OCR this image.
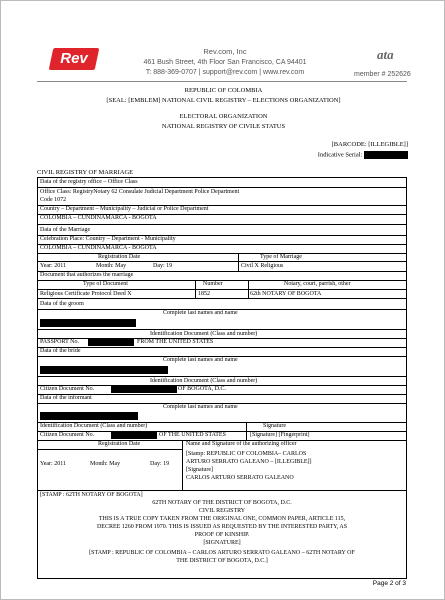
Rev	Rev.com, Inc
461 Bush Street, 4th Floor San Francisco, CA 94401
T: 888-369-0707 | support@rev.com | www.rev.com
ata
member # 252626
REPUBLIC OF COLOMBIA
[SEAL: [EMBLEM] NATIONAL CIVIL REGISTRY – ELECTIONS ORGANIZATION]
ELECTORAL ORGANIZATION
NATIONAL REGISTRY OF CIVILE STATUS
[BARCODE: [ILLEGIBLE]]
Indicative Serial:
CIVIL REGISTRY OF MARRIAGE
Data of the registry office – Office Class
Office Class: RegistryNotary 62 Consulate Judicial Department Police Department
Code 1072
Country – Department – Municipality – Judicial or Police Department
COLOMBIA – CUNDINAMARCA - BOGOTA
Data of the Marriage
Celebration Place: Country – Department - Municipality
COLOMBIA – CUNDINAMARCA - BOGOTA
Registration Date	Type of Marriage
Year: 2011	Month: May	Day: 19	Civil X Religious
Document that authorizes the marriage
Type of Document	Number	Notary, court, parrish, other
Religious Certificate Protocol Deed X	1852	62th NOTARY OF BOGOTA
Data of the groom
Complete last names and name
Identification Document (Class and number)
PASSPORT No.	FROM THE UNITED STATES
Data of the bride
Complete last names and name
Identification Document (Class and number)
Citizen Document No.	OF BOGOTA, D.C.
Data of the informant
Complete last names and name
Identification Document (Class and number)	Signature
Citizen Document No.	OF THE UNITED STATES	[Signature] [Fingerprint]
Registration Date	Name and Signature of the authorizing officer
Year: 2011	Month: May	Day: 19
[Stamp: REPUBLIC OF COLOMBIA– CARLOS
ARTURO SERRATO GALEANO – [ILLEGIBLE]]
[Signature]
CARLOS ARTURO SERRATO GALEANO
[STAMP : 62TH NOTARY OF BOGOTA]
62TH NOTARY OF THE DISTRICT OF BOGOTA, D.C.
CIVIL REGISTRY
THIS IS A TRUE COPY TAKEN FROM THE ORIGINAL ONE, COMMON PAPER, ARTICLE 115,
DECREE 1260 FROM 1970. THIS IS ISSUED AS REQUESTED BY THE INTERESTED PARTY, AS
PROOF OF KINSHIP.
[SIGNATURE]
[STAMP : REPUBLIC OF COLOMBIA – CARLOS ARTURO SERRATO GALEANO – 62TH NOTARY OF
THE DISTRICT OF BOGOTA, D.C.]
Page 2 of 3
